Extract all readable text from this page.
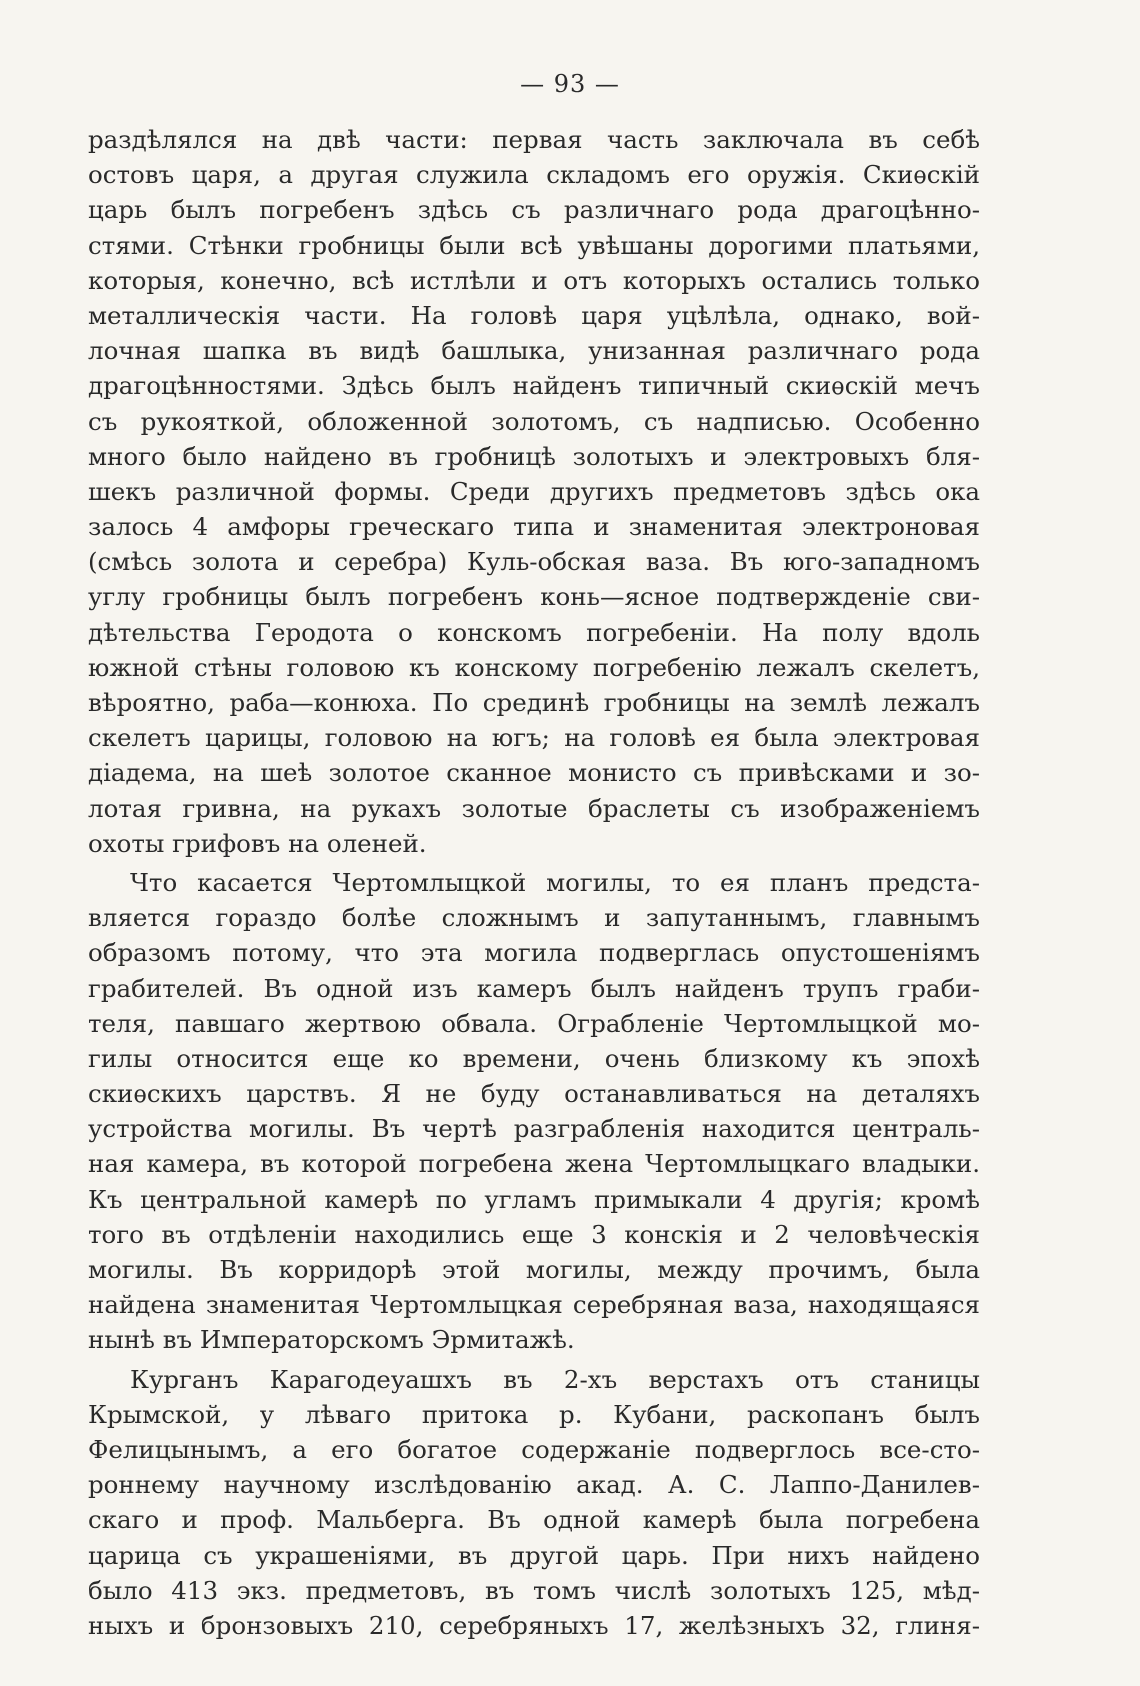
— 93 —
раздѣлялся на двѣ части: первая часть заключала въ себѣ
остовъ царя, а другая служила складомъ его оружія. Скиѳскій
царь былъ погребенъ здѣсь съ различнаго рода драгоцѣнно-
стями. Стѣнки гробницы были всѣ увѣшаны дорогими платьями,
которыя, конечно, всѣ истлѣли и отъ которыхъ остались только
металлическія части. На головѣ царя уцѣлѣла, однако, вой-
лочная шапка въ видѣ башлыка, унизанная различнаго рода
драгоцѣнностями. Здѣсь былъ найденъ типичный скиѳскій мечъ
съ рукояткой, обложенной золотомъ, съ надписью. Особенно
много было найдено въ гробницѣ золотыхъ и электровыхъ бля-
шекъ различной формы. Среди другихъ предметовъ здѣсь ока
залось 4 амфоры греческаго типа и знаменитая электроновая
(смѣсь золота и серебра) Куль-обская ваза. Въ юго-западномъ
углу гробницы былъ погребенъ конь—ясное подтвержденіе сви-
дѣтельства Геродота о конскомъ погребеніи. На полу вдоль
южной стѣны головою къ конскому погребенію лежалъ скелетъ,
вѣроятно, раба—конюха. По срединѣ гробницы на землѣ лежалъ
скелетъ царицы, головою на югъ; на головѣ ея была электровая
діадема, на шеѣ золотое сканное монисто съ привѣсками и зо-
лотая гривна, на рукахъ золотые браслеты съ изображеніемъ
охоты грифовъ на оленей.
Что касается Чертомлыцкой могилы, то ея планъ предста-
вляется гораздо болѣе сложнымъ и запутаннымъ, главнымъ
образомъ потому, что эта могила подверглась опустошеніямъ
грабителей. Въ одной изъ камеръ былъ найденъ трупъ граби-
теля, павшаго жертвою обвала. Ограбленіе Чертомлыцкой мо-
гилы относится еще ко времени, очень близкому къ эпохѣ
скиѳскихъ царствъ. Я не буду останавливаться на деталяхъ
устройства могилы. Въ чертѣ разграбленія находится централь-
ная камера, въ которой погребена жена Чертомлыцкаго владыки.
Къ центральной камерѣ по угламъ примыкали 4 другія; кромѣ
того въ отдѣленіи находились еще 3 конскія и 2 человѣческія
могилы. Въ корридорѣ этой могилы, между прочимъ, была
найдена знаменитая Чертомлыцкая серебряная ваза, находящаяся
нынѣ въ Императорскомъ Эрмитажѣ.
Курганъ Карагодеуашхъ въ 2-хъ верстахъ отъ станицы
Крымской, у лѣваго притока р. Кубани, раскопанъ былъ
Фелицынымъ, а его богатое содержаніе подверглось все-сто-
роннему научному изслѣдованію акад. А. С. Лаппо-Данилев-
скаго и проф. Мальберга. Въ одной камерѣ была погребена
царица съ украшеніями, въ другой царь. При нихъ найдено
было 413 экз. предметовъ, въ томъ числѣ золотыхъ 125, мѣд-
ныхъ и бронзовыхъ 210, серебряныхъ 17, желѣзныхъ 32, глиня-
